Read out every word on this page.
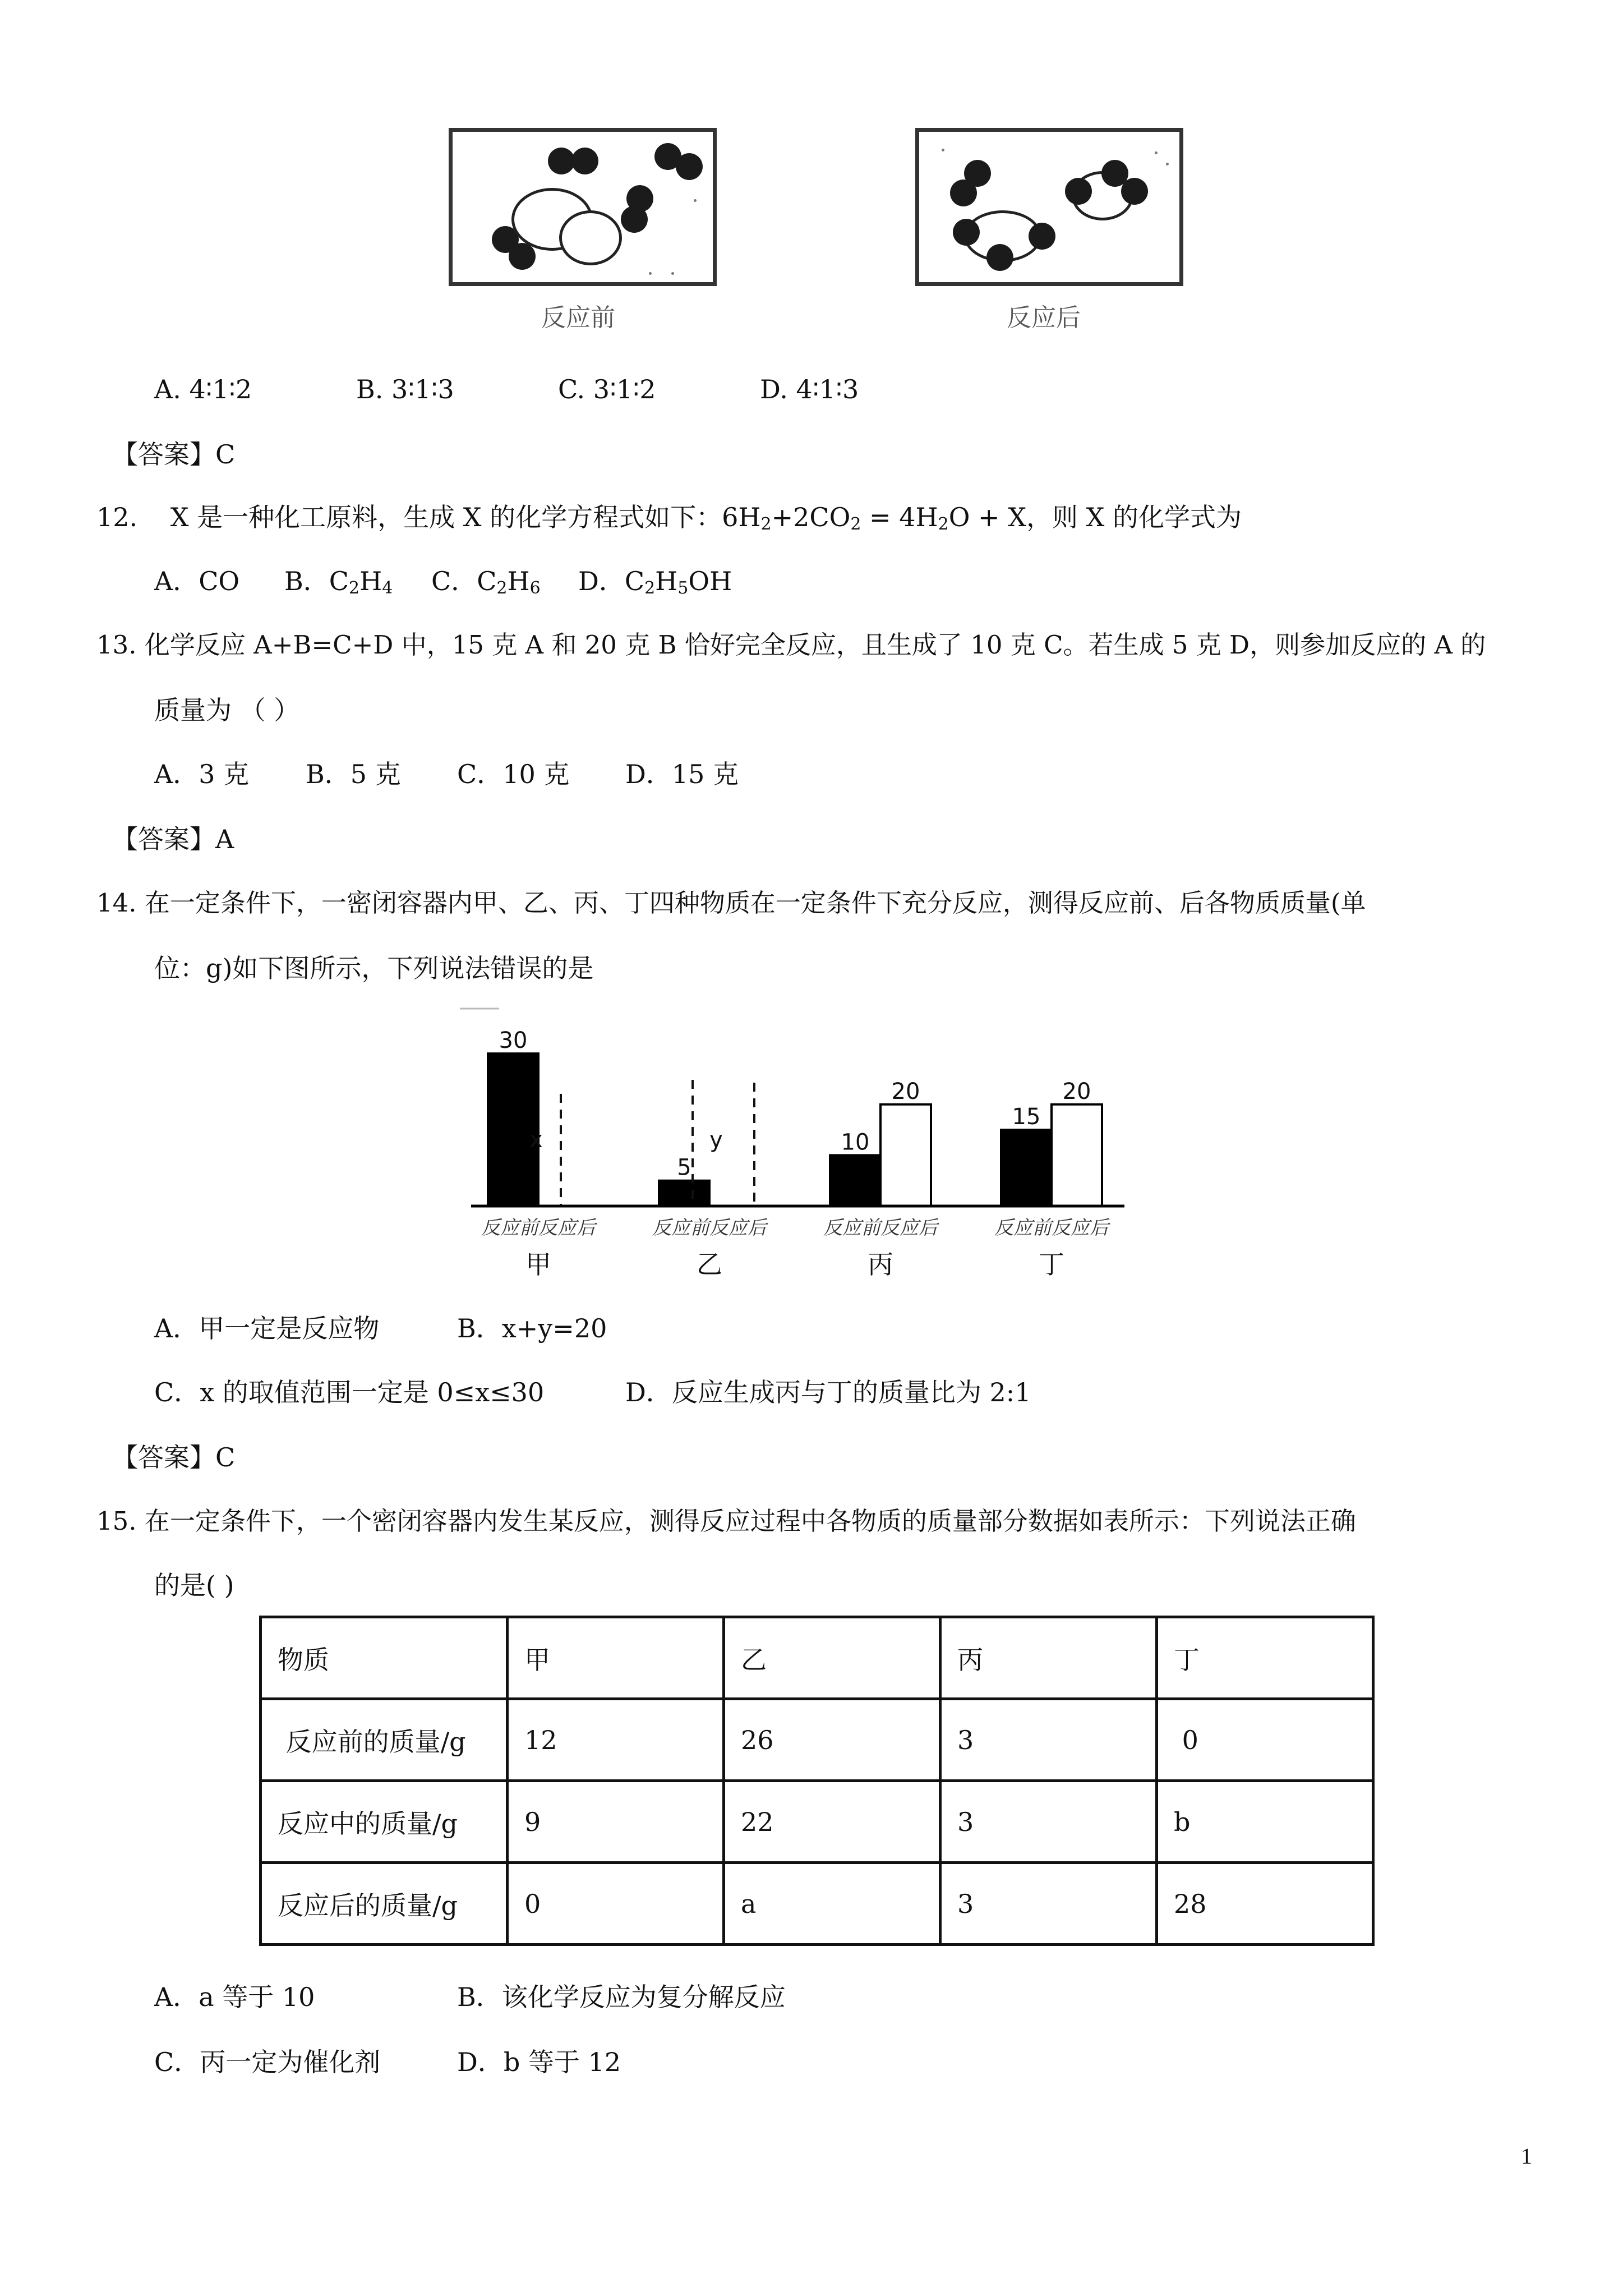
反应前	反应后
A. 4∶1∶2	B. 3∶1∶3	C. 3∶1∶2	D. 4∶1∶3
【答案】C
12. X 是一种化工原料，生成 X 的化学方程式如下：$6H_2+2CO_2 = 4H_2O + X$，则 X 的化学式为
A．CO B．$C_2H_4$ C．$C_2H_6$ D．$C_2H_5OH$
13. 化学反应 A+B=C+D 中，15 克 A 和 20 克 B 恰好完全反应，且生成了 10 克 C。若生成 5 克 D，则参加反应的 A 的
质量为 （ ）
A．3 克 B．5 克 C．10 克 D．15 克
【答案】A
14. 在一定条件下，一密闭容器内甲、乙、丙、丁四种物质在一定条件下充分反应，测得反应前、后各物质质量(单
位：g)如下图所示，下列说法错误的是
30
x
反应前反应后
甲
5
y
反应前反应后
乙
10
20
反应前反应后
丙
15
20
反应前反应后
丁
A．甲一定是反应物	B．x+y=20
C．x 的取值范围一定是 0≤x≤30	D．反应生成丙与丁的质量比为 2:1
【答案】C
15. 在一定条件下，一个密闭容器内发生某反应，测得反应过程中各物质的质量部分数据如表所示：下列说法正确
的是( )
物质	甲	乙	丙	丁
反应前的质量/g	12	26	3	0
反应中的质量/g	9	22	3	b
反应后的质量/g	0	a	3	28
A．a 等于 10	B．该化学反应为复分解反应
C．丙一定为催化剂	D．b 等于 12
1
